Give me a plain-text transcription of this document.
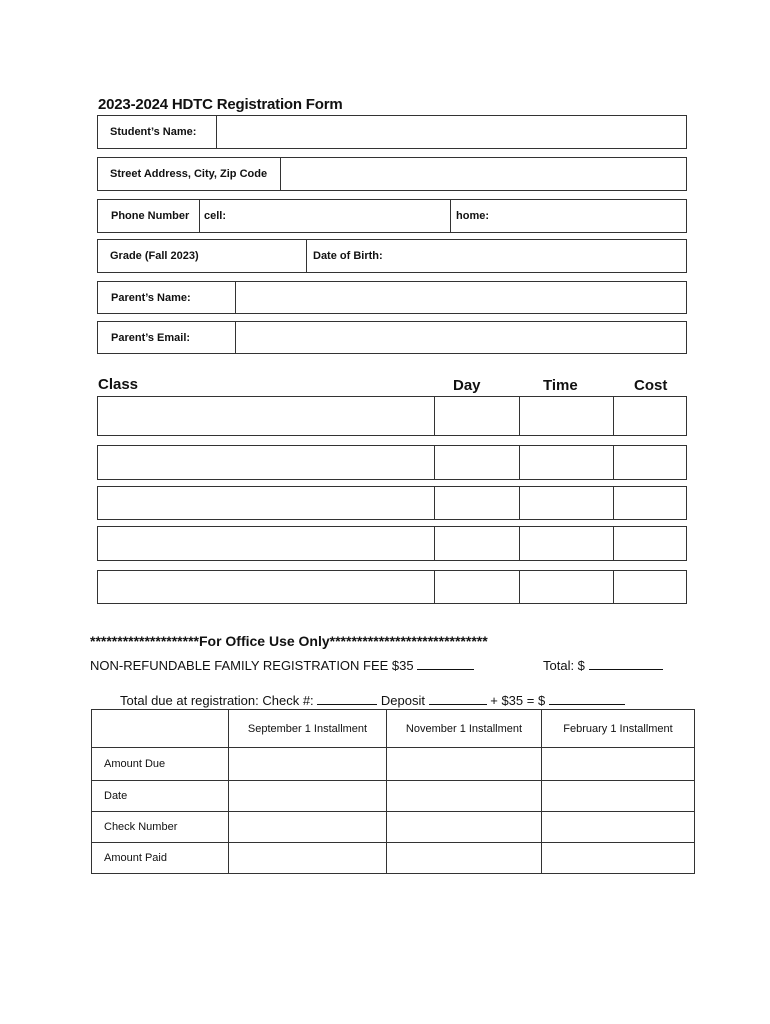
2023-2024 HDTC Registration Form
Student’s Name:
Street Address, City, Zip Code
Phone Number cell:	home:
Grade (Fall 2023)	Date of Birth:
Parent’s Name:
Parent’s Email:
Class	Day	Time	Cost
********************For Office Use Only*****************************
NON-REFUNDABLE FAMILY REGISTRATION FEE $35	Total: $
Total due at registration: Check #:	Deposit	+ $35 = $
	September 1 Installment	November 1 Installment	February 1 Installment
Amount Due			
Date			
Check Number			
Amount Paid			
